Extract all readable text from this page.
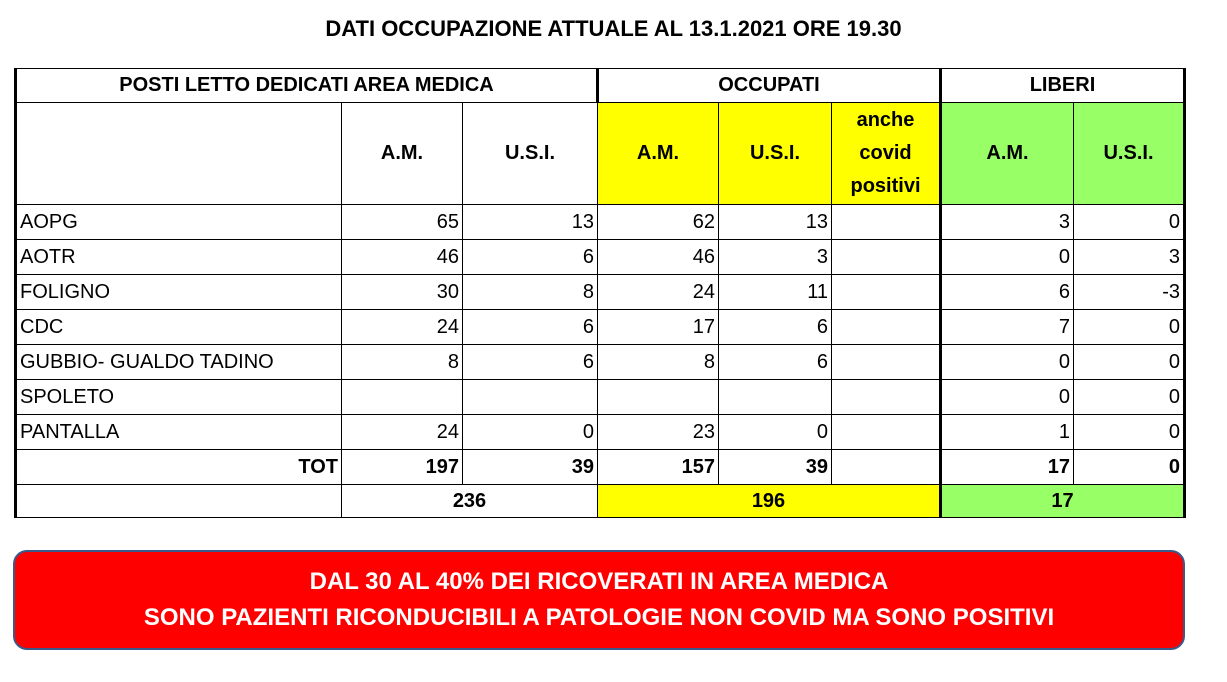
DATI OCCUPAZIONE ATTUALE AL 13.1.2021 ORE 19.30
POSTI LETTO DEDICATI AREA MEDICA			OCCUPATI			LIBERI	
	A.M.	U.S.I.	A.M.	U.S.I.	anche
covid
positivi	A.M.	U.S.I.
AOPG	65	13	62	13		3	0
AOTR	46	6	46	3		0	3
FOLIGNO	30	8	24	11		6	-3
CDC	24	6	17	6		7	0
GUBBIO- GUALDO TADINO	8	6	8	6		0	0
SPOLETO						0	0
PANTALLA	24	0	23	0		1	0
TOT	197	39	157	39		17	0
	236		196			17	
DAL 30 AL 40% DEI RICOVERATI IN AREA MEDICA
SONO PAZIENTI RICONDUCIBILI A PATOLOGIE NON COVID MA SONO POSITIVI
